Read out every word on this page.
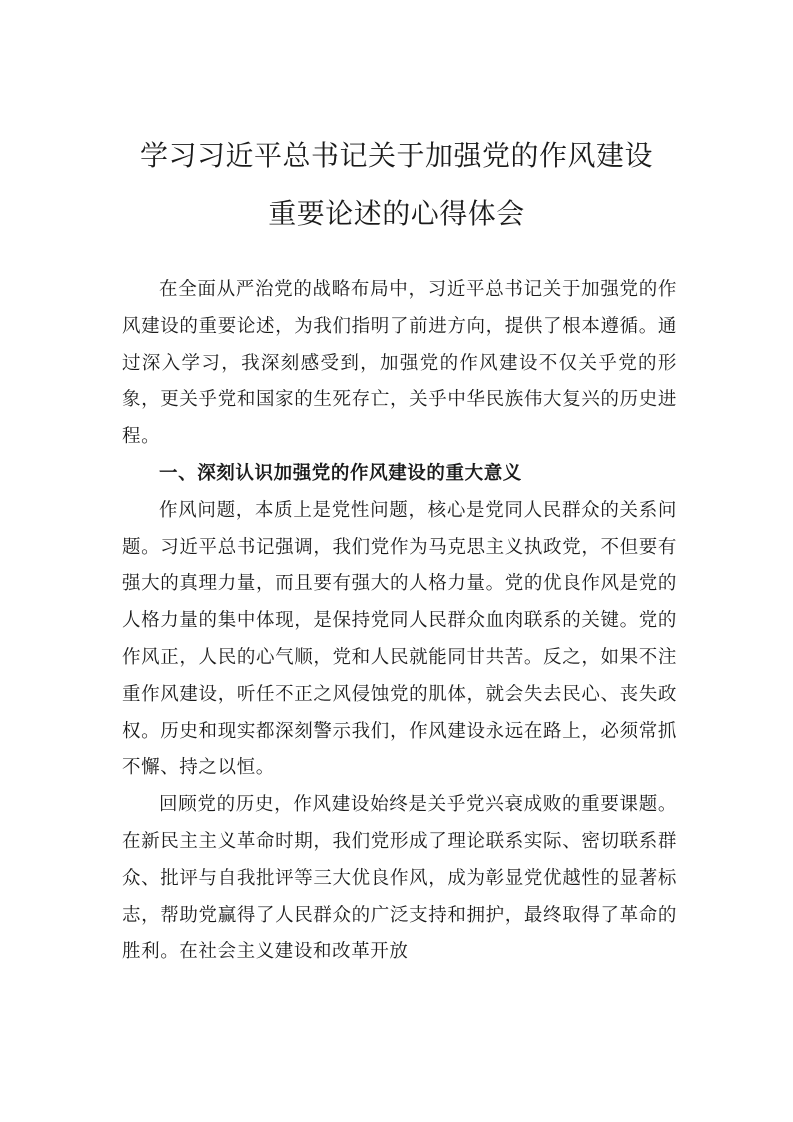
学习习近平总书记关于加强党的作风建设
重要论述的心得体会

在全面从严治党的战略布局中，习近平总书记关于加强党的作风建设的重要论述，为我们指明了前进方向，提供了根本遵循。通过深入学习，我深刻感受到，加强党的作风建设不仅关乎党的形象，更关乎党和国家的生死存亡，关乎中华民族伟大复兴的历史进程。

一、深刻认识加强党的作风建设的重大意义

作风问题，本质上是党性问题，核心是党同人民群众的关系问题。习近平总书记强调，我们党作为马克思主义执政党，不但要有强大的真理力量，而且要有强大的人格力量。党的优良作风是党的人格力量的集中体现，是保持党同人民群众血肉联系的关键。党的作风正，人民的心气顺，党和人民就能同甘共苦。反之，如果不注重作风建设，听任不正之风侵蚀党的肌体，就会失去民心、丧失政权。历史和现实都深刻警示我们，作风建设永远在路上，必须常抓不懈、持之以恒。

回顾党的历史，作风建设始终是关乎党兴衰成败的重要课题。在新民主主义革命时期，我们党形成了理论联系实际、密切联系群众、批评与自我批评等三大优良作风，成为彰显党优越性的显著标志，帮助党赢得了人民群众的广泛支持和拥护，最终取得了革命的胜利。在社会主义建设和改革开放
